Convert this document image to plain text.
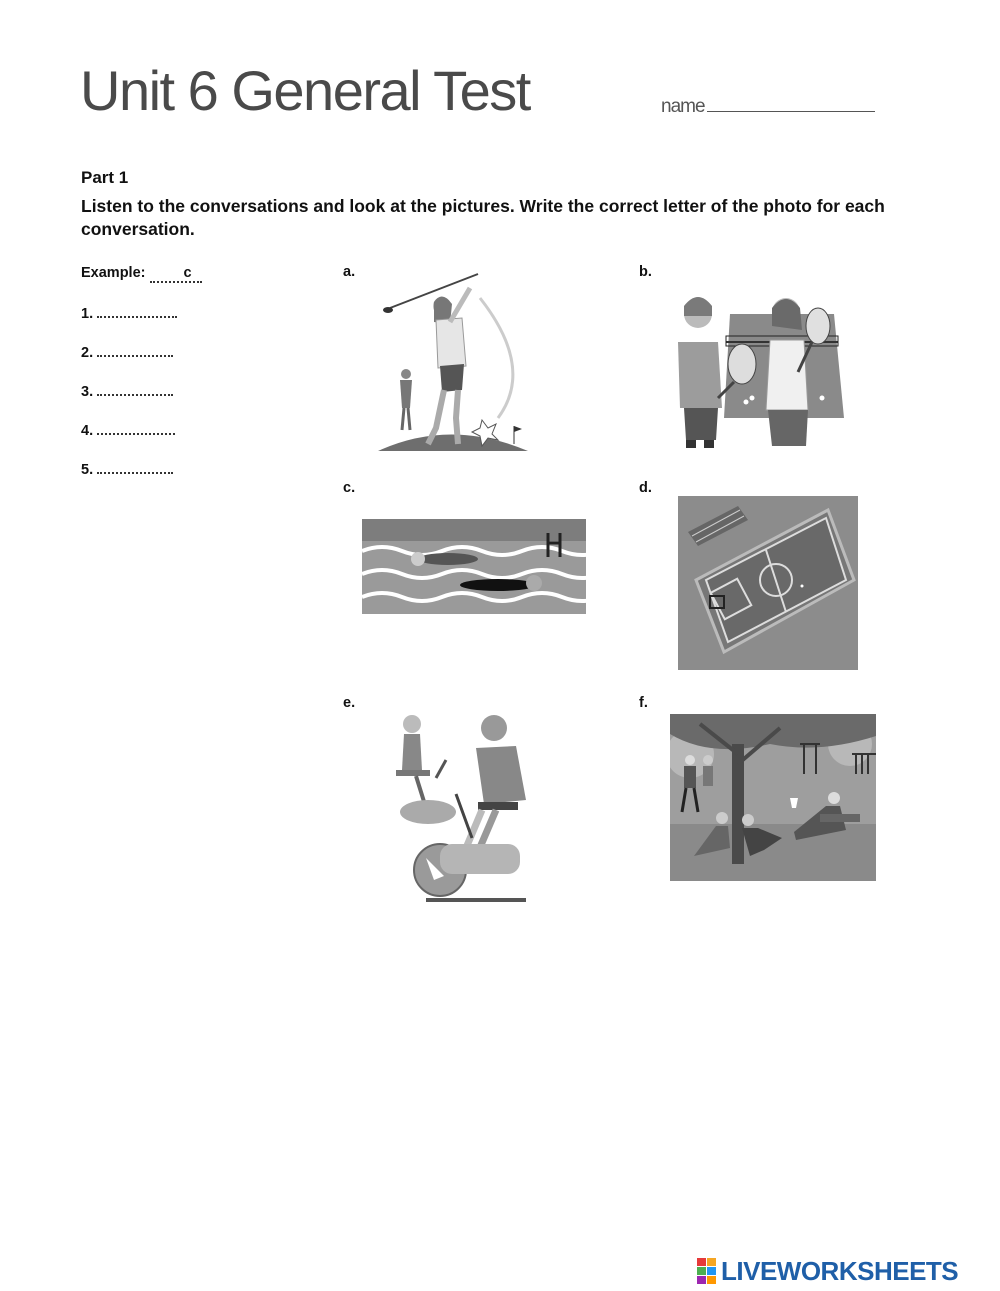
Unit 6 General Test	name
Part 1
Listen to the conversations and look at the pictures. Write the correct letter of the photo for each conversation.
Example:	c
1.
2.
3.
4.
5.
a.	b.
c.	d.
e.	f.
LIVEWORKSHEETS
